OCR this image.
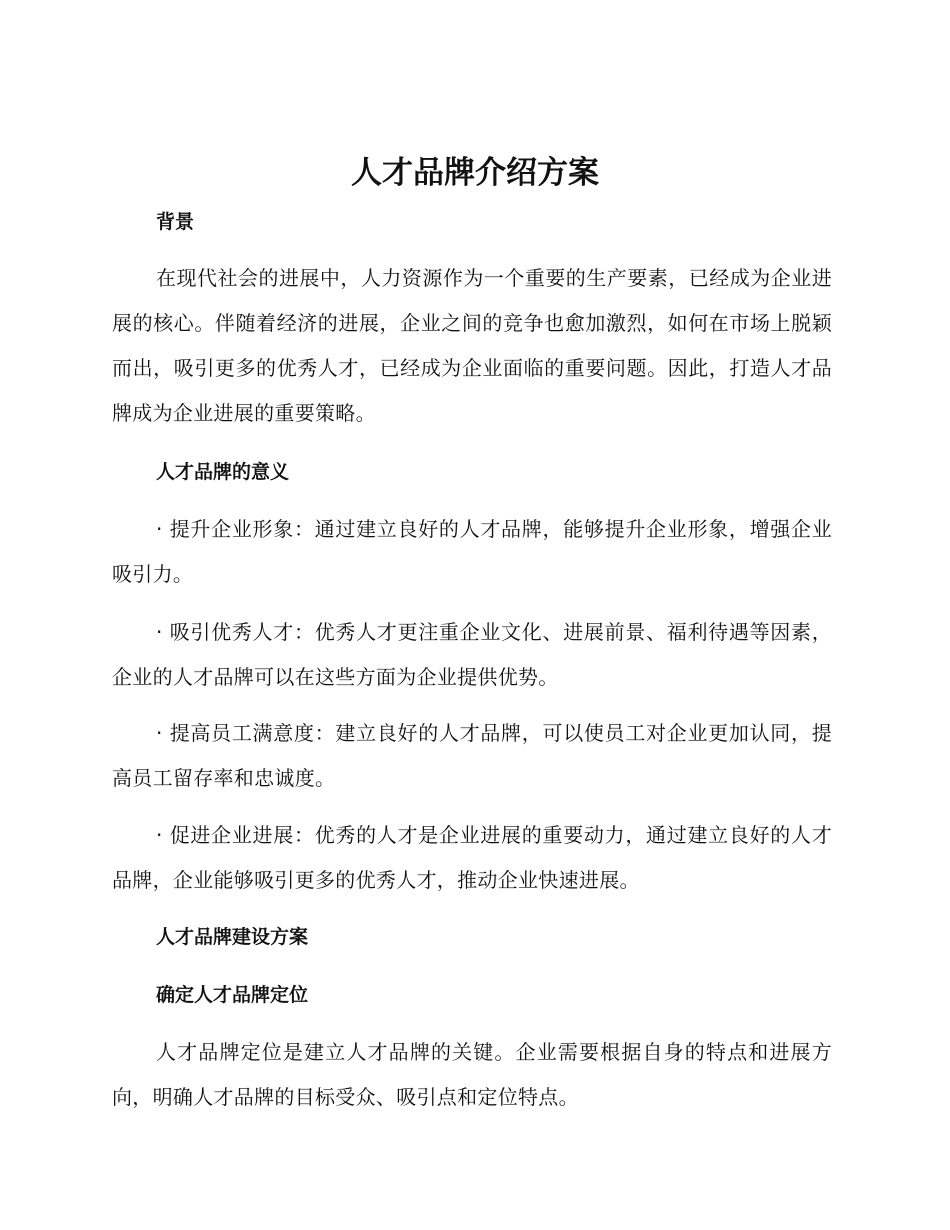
人才品牌介绍方案
背景

在现代社会的进展中，人力资源作为一个重要的生产要素，已经成为企业进展的核心。伴随着经济的进展，企业之间的竞争也愈加激烈，如何在市场上脱颖而出，吸引更多的优秀人才，已经成为企业面临的重要问题。因此，打造人才品牌成为企业进展的重要策略。

人才品牌的意义

· 提升企业形象：通过建立良好的人才品牌，能够提升企业形象，增强企业吸引力。

· 吸引优秀人才：优秀人才更注重企业文化、进展前景、福利待遇等因素，企业的人才品牌可以在这些方面为企业提供优势。

· 提高员工满意度：建立良好的人才品牌，可以使员工对企业更加认同，提高员工留存率和忠诚度。

· 促进企业进展：优秀的人才是企业进展的重要动力，通过建立良好的人才品牌，企业能够吸引更多的优秀人才，推动企业快速进展。

人才品牌建设方案
确定人才品牌定位

人才品牌定位是建立人才品牌的关键。企业需要根据自身的特点和进展方向，明确人才品牌的目标受众、吸引点和定位特点。
